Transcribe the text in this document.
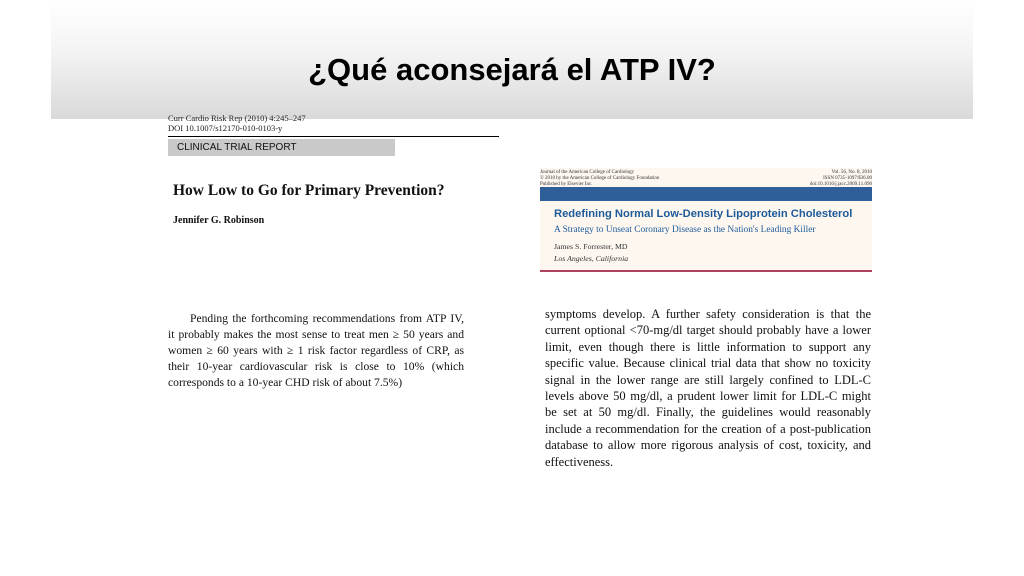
¿Qué aconsejará el ATP IV?
Curr Cardio Risk Rep (2010) 4:245–247
DOI 10.1007/s12170-010-0103-y
CLINICAL TRIAL REPORT
How Low to Go for Primary Prevention?
Jennifer G. Robinson

Pending the forthcoming recommendations from ATP IV, it probably makes the most sense to treat men ≥ 50 years and women ≥ 60 years with ≥ 1 risk factor regardless of CRP, as their 10-year cardiovascular risk is close to 10% (which corresponds to a 10-year CHD risk of about 7.5%)

Journal of the American College of Cardiology
© 2010 by the American College of Cardiology Foundation
Published by Elsevier Inc.
Vol. 56, No. 8, 2010
ISSN 0735-1097/$36.00
doi:10.1016/j.jacc.2009.11.090
Redefining Normal Low-Density Lipoprotein Cholesterol
A Strategy to Unseat Coronary Disease as the Nation's Leading Killer
James S. Forrester, MD
Los Angeles, California

symptoms develop. A further safety consideration is that the current optional <70-mg/dl target should probably have a lower limit, even though there is little information to support any specific value. Because clinical trial data that show no toxicity signal in the lower range are still largely confined to LDL-C levels above 50 mg/dl, a prudent lower limit for LDL-C might be set at 50 mg/dl. Finally, the guidelines would reasonably include a recommendation for the creation of a post-publication database to allow more rigorous analysis of cost, toxicity, and effectiveness.
